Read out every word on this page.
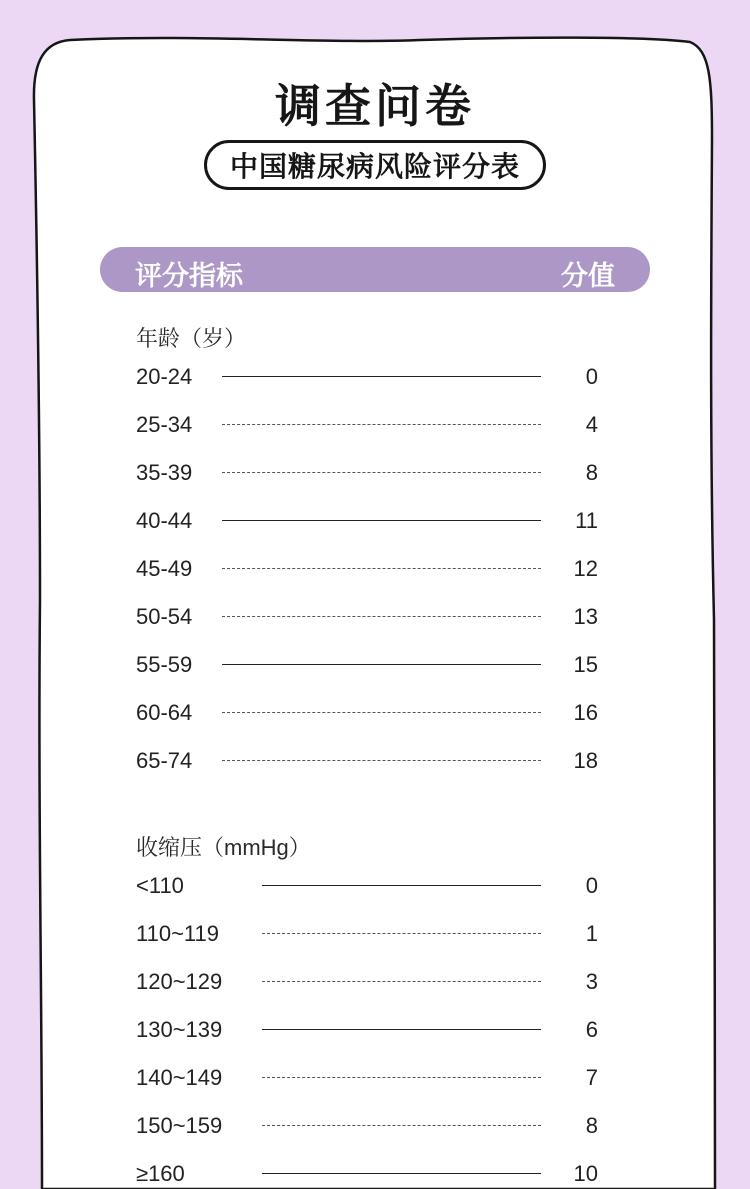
调查问卷
中国糖尿病风险评分表
评分指标	分值
年龄（岁）
20-24	0
25-34	4
35-39	8
40-44	11
45-49	12
50-54	13
55-59	15
60-64	16
65-74	18
收缩压（mmHg）
<110	0
110~119	1
120~129	3
130~139	6
140~149	7
150~159	8
≥160	10
